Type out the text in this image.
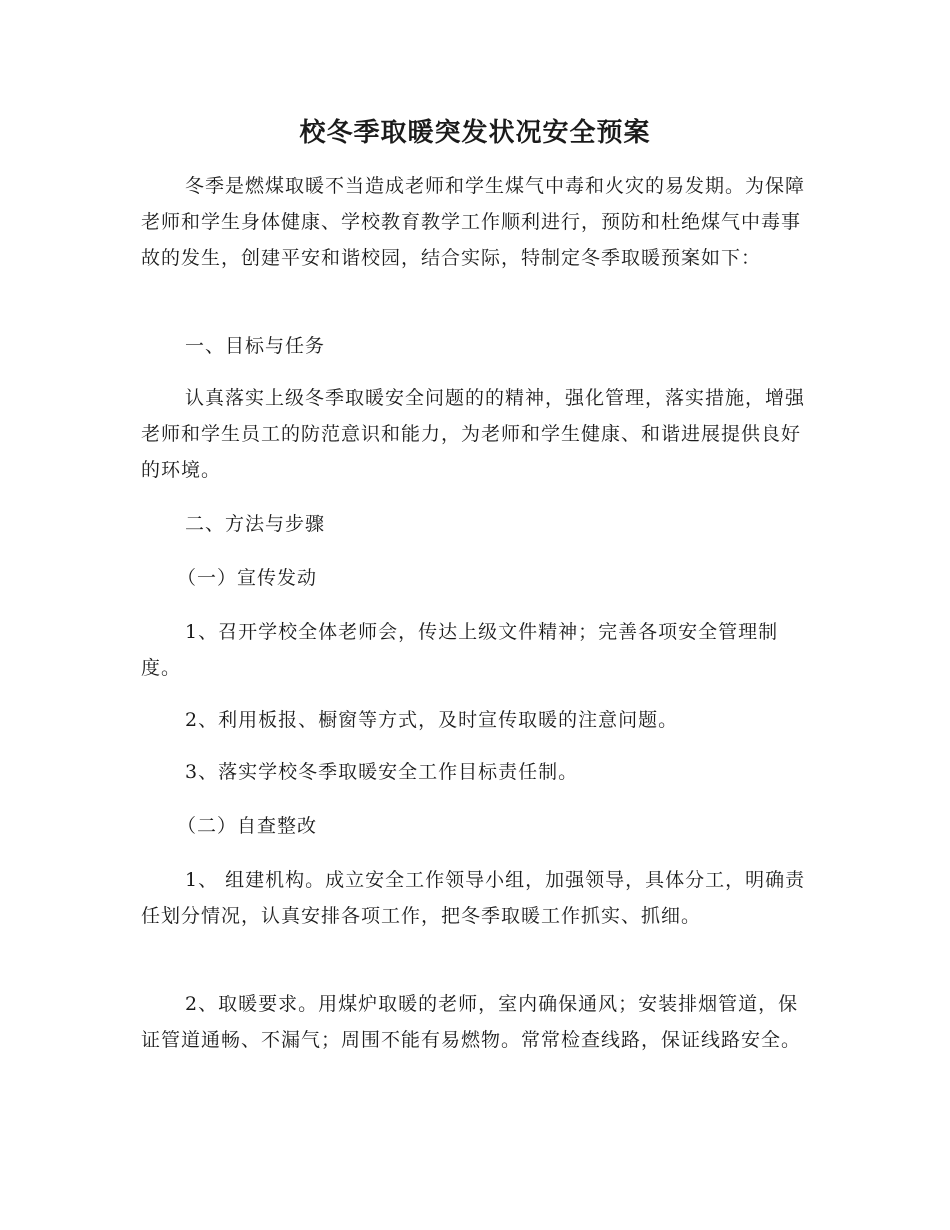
校冬季取暖突发状况安全预案

冬季是燃煤取暖不当造成老师和学生煤气中毒和火灾的易发期。为保障老师和学生身体健康、学校教育教学工作顺利进行，预防和杜绝煤气中毒事故的发生，创建平安和谐校园，结合实际，特制定冬季取暖预案如下：

一、目标与任务

认真落实上级冬季取暖安全问题的的精神，强化管理，落实措施，增强老师和学生员工的防范意识和能力，为老师和学生健康、和谐进展提供良好的环境。

二、方法与步骤

（一）宣传发动

1、召开学校全体老师会，传达上级文件精神；完善各项安全管理制度。

2、利用板报、橱窗等方式，及时宣传取暖的注意问题。

3、落实学校冬季取暖安全工作目标责任制。

（二）自查整改

1、 组建机构。成立安全工作领导小组，加强领导，具体分工，明确责任划分情况，认真安排各项工作，把冬季取暖工作抓实、抓细。

2、取暖要求。用煤炉取暖的老师，室内确保通风；安装排烟管道，保证管道通畅、不漏气；周围不能有易燃物。常常检查线路，保证线路安全。
